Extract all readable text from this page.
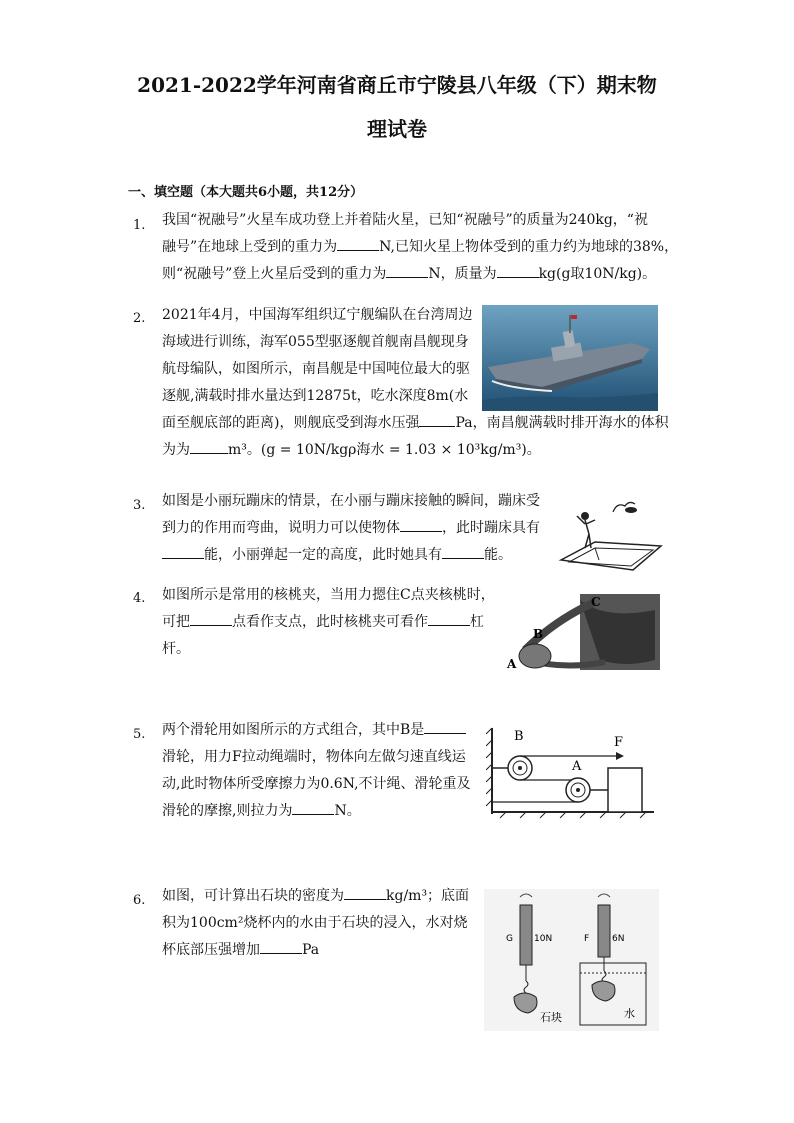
2021-2022学年河南省商丘市宁陵县八年级（下）期末物
理试卷
一、填空题（本大题共6小题，共12分）
1. 我国“祝融号”火星车成功登上并着陆火星，已知“祝融号”的质量为240kg，“祝
融号”在地球上受到的重力为	N,已知火星上物体受到的重力约为地球的38%，
则“祝融号”登上火星后受到的重力为	N，质量为	kg(g取10N/kg)。
2. 2021年4月，中国海军组织辽宁舰编队在台湾周边
海域进行训练，海军055型驱逐舰首舰南昌舰现身
航母编队，如图所示，南昌舰是中国吨位最大的驱
逐舰,满载时排水量达到12875t，吃水深度8m(水
面至舰底部的距离)，则舰底受到海水压强	Pa，南昌舰满载时排开海水的体积
为为	m³。(g = 10N/kgρ海水 = 1.03 × 10³kg/m³)。
3. 如图是小丽玩蹦床的情景，在小丽与蹦床接触的瞬间，蹦床受
到力的作用而弯曲，说明力可以使物体	，此时蹦床具有
能，小丽弹起一定的高度，此时她具有	能。
4. 如图所示是常用的核桃夹，当用力摁住C点夹核桃时，
可把	点看作支点，此时核桃夹可看作	杠
杆。
A
B
C
5. 两个滑轮用如图所示的方式组合，其中B是
滑轮，用力F拉动绳端时，物体向左做匀速直线运
动,此时物体所受摩擦力为0.6N,不计绳、滑轮重及
滑轮的摩擦,则拉力为	N。
B
A
F
6. 如图，可计算出石块的密度为	kg/m³；底面
积为100cm²烧杯内的水由于石块的浸入，水对烧
杯底部压强增加	Pa
G 10N
石块
F	6N
水
